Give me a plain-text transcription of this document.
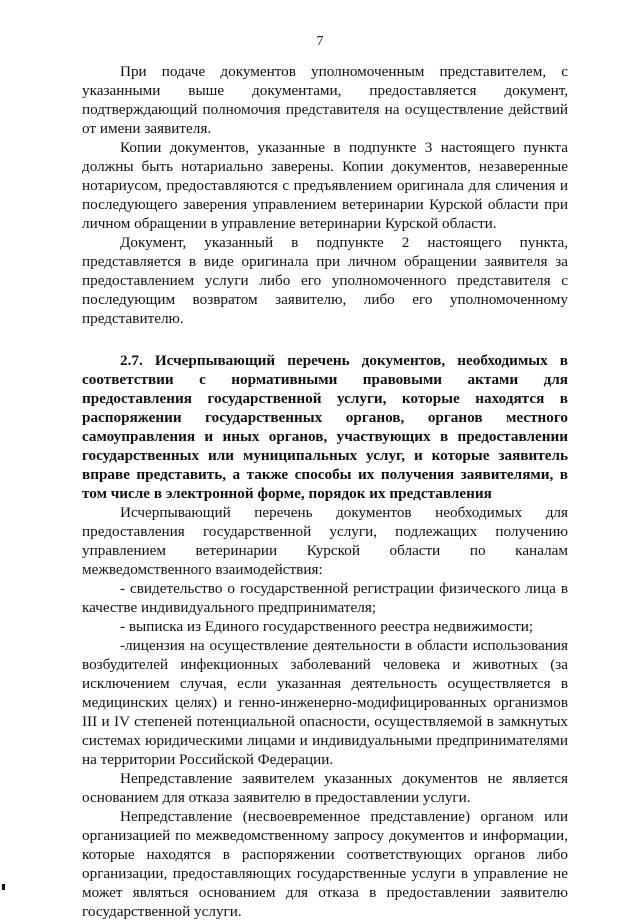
7

При подаче документов уполномоченным представителем, с указанными выше документами, предоставляется документ, подтверждающий полномочия представителя на осуществление действий от имени заявителя.

Копии документов, указанные в подпункте 3 настоящего пункта должны быть нотариально заверены. Копии документов, незаверенные нотариусом, предоставляются с предъявлением оригинала для сличения и последующего заверения управлением ветеринарии Курской области при личном обращении в управление ветеринарии Курской области.

Документ, указанный в подпункте 2 настоящего пункта, представляется в виде оригинала при личном обращении заявителя за предоставлением услуги либо его уполномоченного представителя с последующим возвратом заявителю, либо его уполномоченному представителю.

2.7. Исчерпывающий перечень документов, необходимых в соответствии с нормативными правовыми актами для предоставления государственной услуги, которые находятся в распоряжении государственных органов, органов местного самоуправления и иных органов, участвующих в предоставлении государственных или муниципальных услуг, и которые заявитель вправе представить, а также способы их получения заявителями, в том числе в электронной форме, порядок их представления

Исчерпывающий перечень документов необходимых для предоставления государственной услуги, подлежащих получению управлением ветеринарии Курской области по каналам межведомственного взаимодействия:

- свидетельство о государственной регистрации физического лица в качестве индивидуального предпринимателя;

- выписка из Единого государственного реестра недвижимости;

-лицензия на осуществление деятельности в области использования возбудителей инфекционных заболеваний человека и животных (за исключением случая, если указанная деятельность осуществляется в медицинских целях) и генно-инженерно-модифицированных организмов III и IV степеней потенциальной опасности, осуществляемой в замкнутых системах юридическими лицами и индивидуальными предпринимателями на территории Российской Федерации.

Непредставление заявителем указанных документов не является основанием для отказа заявителю в предоставлении услуги.

Непредставление (несвоевременное представление) органом или организацией по межведомственному запросу документов и информации, которые находятся в распоряжении соответствующих органов либо организации, предоставляющих государственные услуги в управление не может являться основанием для отказа в предоставлении заявителю государственной услуги.
